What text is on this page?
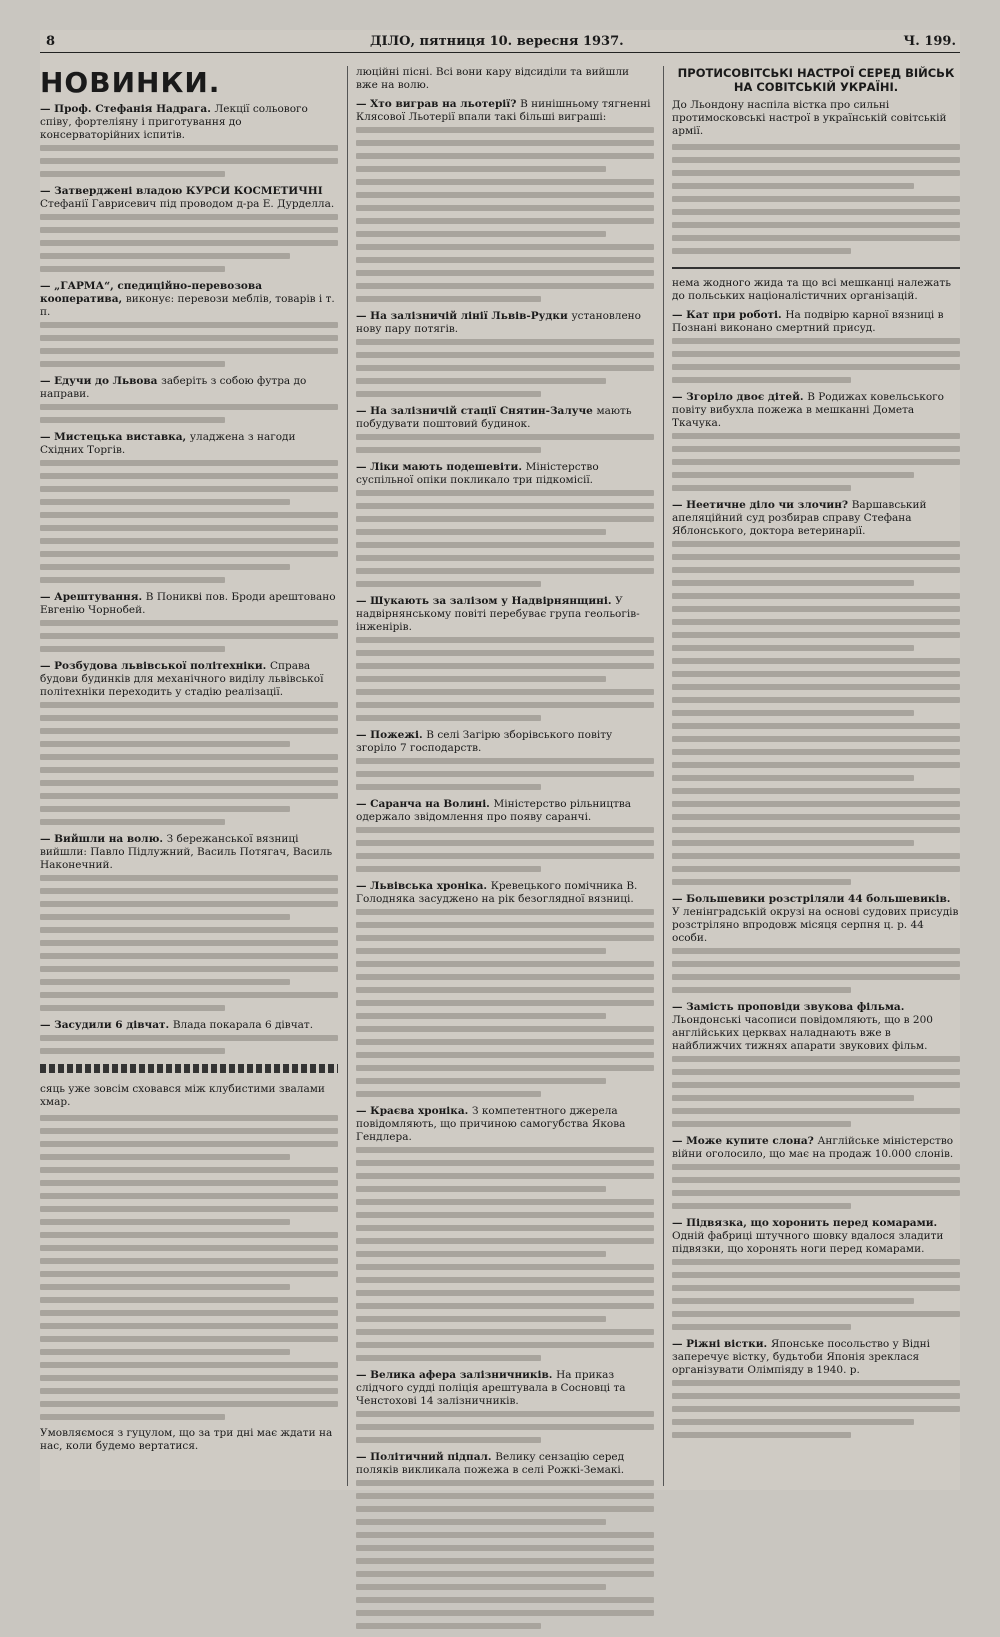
8	ДІЛО, пятниця 10. вересня 1937.	Ч. 199.
НОВИНКИ.
— Проф. Стефанія Надрага. Лекції сольового співу, фортеліяну і приготування до консерваторійних іспитів.
— Затверджені владою КУРСИ КОСМЕТИЧНІ Стефанії Гаврисевич під проводом д-ра Е. Дурделла.
— „ГАРМА“, спедиційно-перевозова кооператива, виконує: перевози меблів, товарів і т. п.
— Едучи до Львова заберіть з собою футра до направи.
— Мистецька виставка, уладжена з нагоди Східних Торгів.
— Арештування. В Поникві пов. Броди арештовано Евгенію Чорнобей.
— Розбудова львівської політехніки. Справа будови будинків для механічного виділу львівської політехніки переходить у стадію реалізації.
— Вийшли на волю. З бережанської вязниці вийшли: Павло Підлужний, Василь Потягач, Василь Наконечний.
— Засудили 6 дівчат. Влада покарала 6 дівчат.
сяць уже зовсім сховався між клубистими звалами хмар.
Умовляємося з гуцулом, що за три дні має ждати на нас, коли будемо вертатися.
люційні пісні. Всі вони кару відсиділи та вийшли вже на волю.
— Хто виграв на льотерії? В нинішньому тягненні Клясової Льотерії впали такі більші виграші:
— На залізничій лінії Львів-Рудки установлено нову пару потягів.
— На залізничій стації Снятин-Залуче мають побудувати поштовий будинок.
— Ліки мають подешевіти. Міністерство суспільної опіки покликало три підкомісії.
— Шукають за залізом у Надвірнянщині. У надвірнянському повіті перебуває група геольогів-інженірів.
— Пожежі. В селі Загірю зборівського повіту згоріло 7 господарств.
— Саранча на Волині. Міністерство рільництва одержало звідомлення про появу саранчі.
— Львівська хроніка. Кревецького помічника В. Голодняка засуджено на рік безоглядної вязниці.
— Краєва хроніка. З компетентного джерела повідомляють, що причиною самогубства Якова Гендлера.
— Велика афера залізничників. На приказ слідчого судді поліція арештувала в Сосновці та Ченстохові 14 залізничників.
— Політичний підпал. Велику сензацію серед поляків викликала пожежа в селі Рожкі-Земакі.
ПРОТИСОВІТСЬКІ НАСТРОЇ СЕРЕД ВІЙСЬК НА СОВІТСЬКІЙ УКРАЇНІ.
До Льондону наспіла вістка про сильні протимосковські настрої в українській совітській армії.
нема жодного жида та що всі мешканці належать до польських націоналістичних організацій.
— Кат при роботі. На подвірю карної вязниці в Познані виконано смертний присуд.
— Згоріло двоє дітей. В Родижах ковельського повіту вибухла пожежа в мешканні Домета Ткачука.
— Неетичне діло чи злочин? Варшавський апеляційний суд розбирав справу Стефана Яблонського, доктора ветеринарії.
— Большевики розстріляли 44 большевиків. У ленінградській окрузі на основі судових присудів розстріляно впродовж місяця серпня ц. р. 44 особи.
— Замість проповіди звукова фільма. Льондонські часописи повідомляють, що в 200 англійських церквах наладнають вже в найближчих тижнях апарати звукових фільм.
— Може купите слона? Англійське міністерство війни оголосило, що має на продаж 10.000 слонів.
— Підвязка, що хоронить перед комарами. Одній фабриці штучного шовку вдалося зладити підвязки, що хоронять ноги перед комарами.
— Ріжні вістки. Японське посольство у Відні заперечує вістку, будьтоби Японія зреклася організувати Олімпіяду в 1940. р.
